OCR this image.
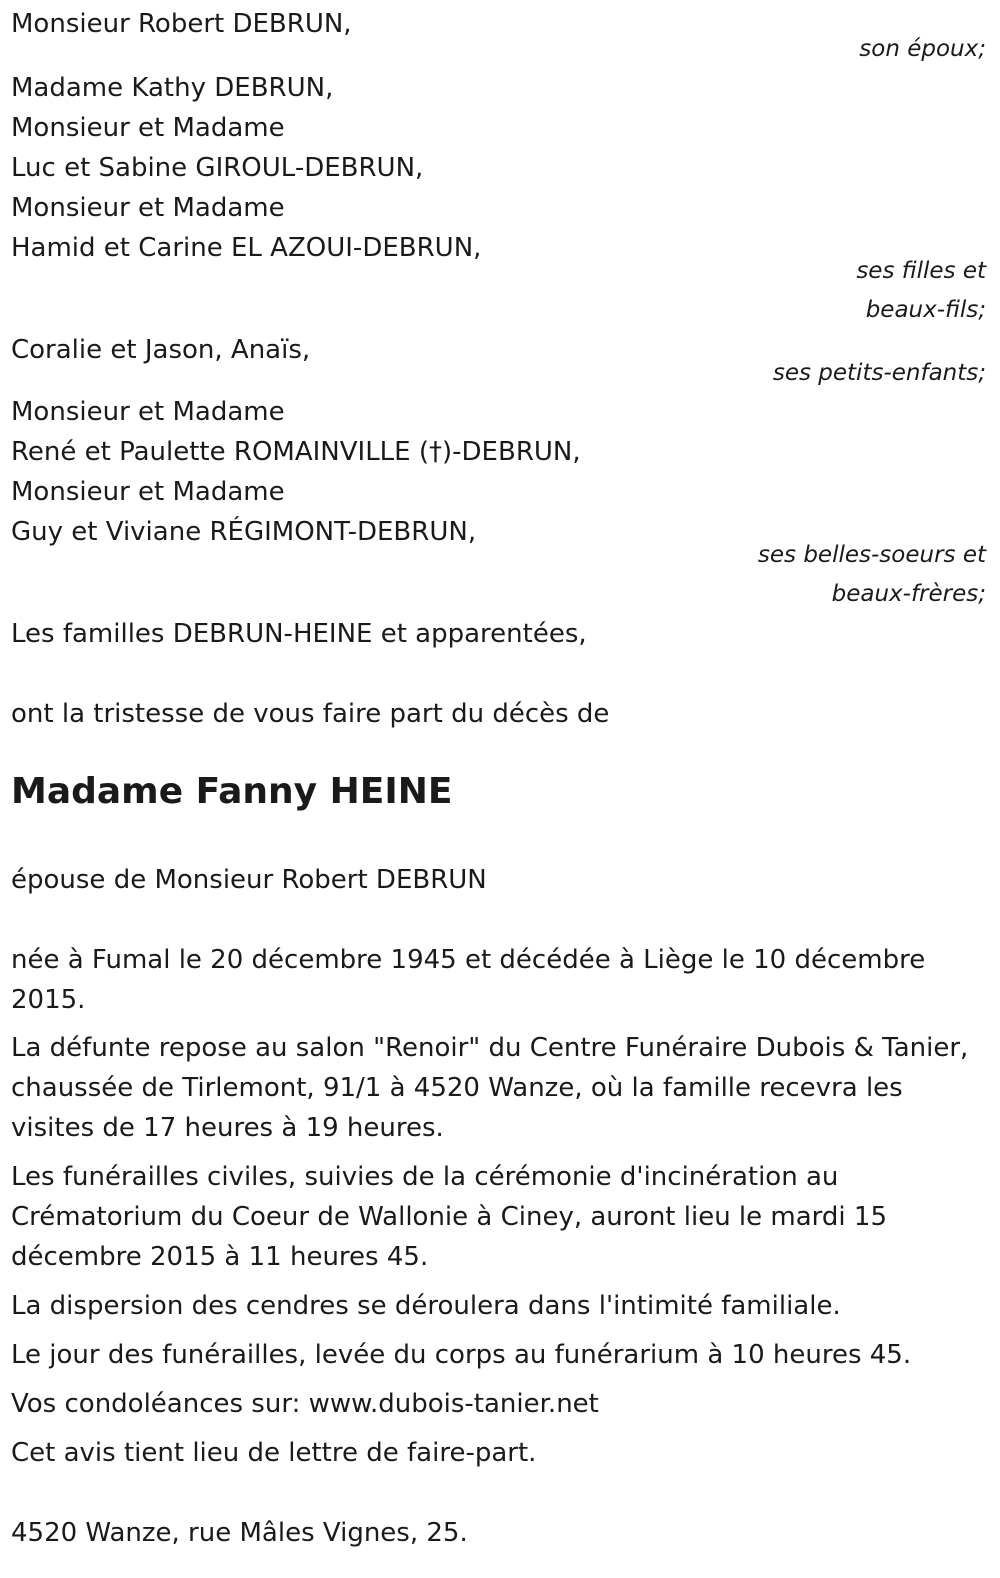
Monsieur Robert DEBRUN,
son époux;
Madame Kathy DEBRUN,
Monsieur et Madame
Luc et Sabine GIROUL-DEBRUN,
Monsieur et Madame
Hamid et Carine EL AZOUI-DEBRUN,
ses filles et
beaux-fils;
Coralie et Jason, Anaïs,
ses petits-enfants;
Monsieur et Madame
René et Paulette ROMAINVILLE (†)-DEBRUN,
Monsieur et Madame
Guy et Viviane RÉGIMONT-DEBRUN,
ses belles-soeurs et
beaux-frères;
Les familles DEBRUN-HEINE et apparentées,
ont la tristesse de vous faire part du décès de
Madame Fanny HEINE
épouse de Monsieur Robert DEBRUN
née à Fumal le 20 décembre 1945 et décédée à Liège le 10 décembre 2015.
La défunte repose au salon "Renoir" du Centre Funéraire Dubois & Tanier, chaussée de Tirlemont, 91/1 à 4520 Wanze, où la famille recevra les visites de 17 heures à 19 heures.
Les funérailles civiles, suivies de la cérémonie d'incinération au Crématorium du Coeur de Wallonie à Ciney, auront lieu le mardi 15 décembre 2015 à 11 heures 45.
La dispersion des cendres se déroulera dans l'intimité familiale.
Le jour des funérailles, levée du corps au funérarium à 10 heures 45.
Vos condoléances sur: www.dubois-tanier.net
Cet avis tient lieu de lettre de faire-part.
4520 Wanze, rue Mâles Vignes, 25.
